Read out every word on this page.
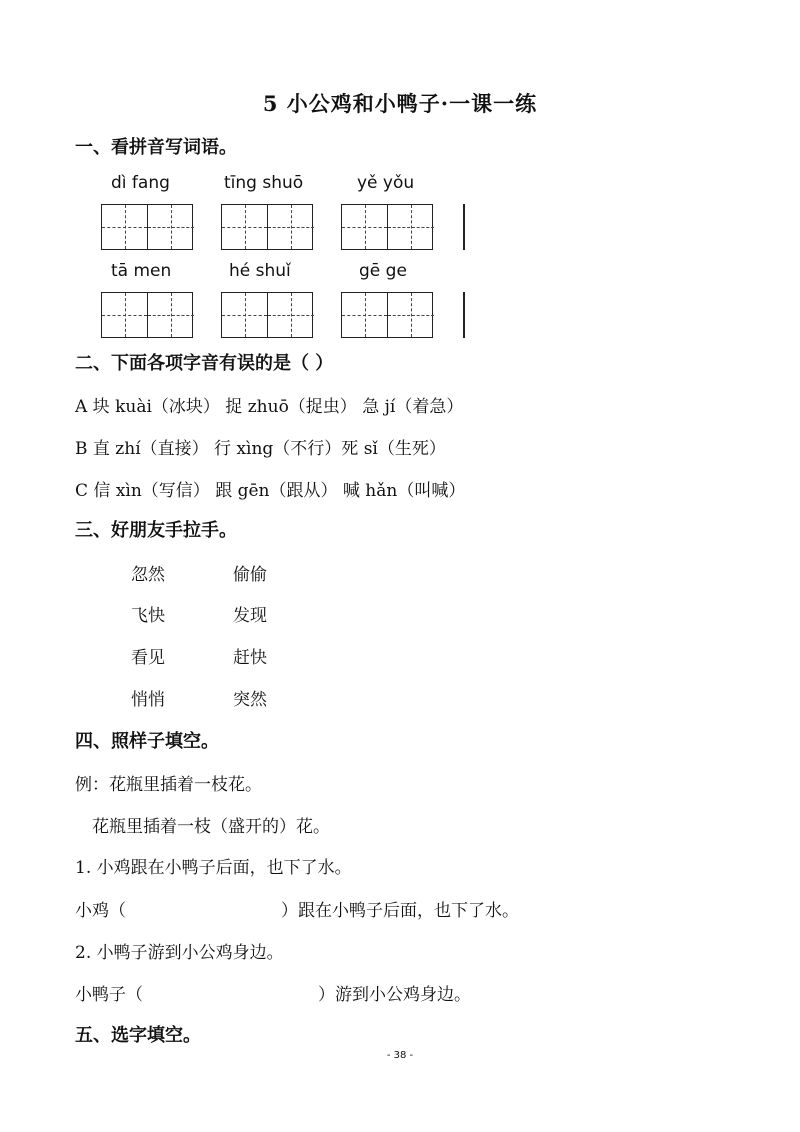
5 小公鸡和小鸭子·一课一练
一、看拼音写词语。
dì fang	tīng shuō	yě yǒu
tā men	hé shuǐ	gē ge
二、下面各项字音有误的是（ ）
A 块 kuài（冰块） 捉 zhuō（捉虫） 急 jí（着急）
B 直 zhí（直接） 行 xìng（不行）死 sǐ（生死）
C 信 xìn（写信） 跟 gēn（跟从） 喊 hǎn（叫喊）
三、好朋友手拉手。
忽然	偷偷
飞快	发现
看见	赶快
悄悄	突然
四、照样子填空。
例：花瓶里插着一枝花。
花瓶里插着一枝（盛开的）花。
1. 小鸡跟在小鸭子后面，也下了水。
小鸡（	）跟在小鸭子后面，也下了水。
2. 小鸭子游到小公鸡身边。
小鸭子（	）游到小公鸡身边。
五、选字填空。
- 38 -
